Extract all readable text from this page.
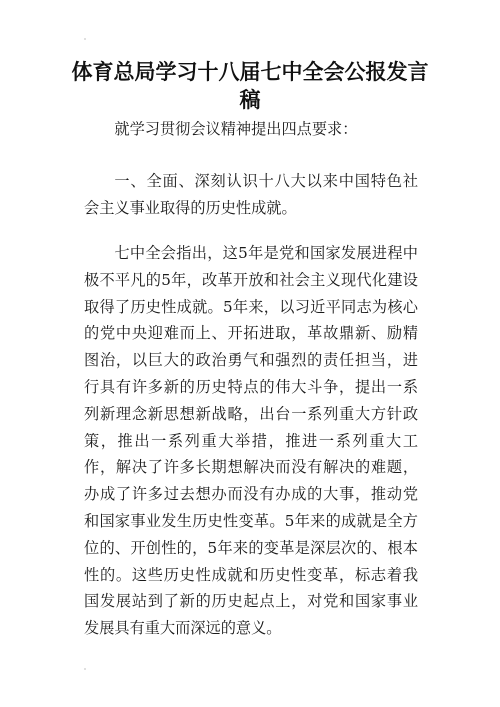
体育总局学习十八届七中全会公报发言稿

就学习贯彻会议精神提出四点要求：

一、全面、深刻认识十八大以来中国特色社会主义事业取得的历史性成就。

七中全会指出，这5年是党和国家发展进程中极不平凡的5年，改革开放和社会主义现代化建设取得了历史性成就。5年来，以习近平同志为核心的党中央迎难而上、开拓进取，革故鼎新、励精图治，以巨大的政治勇气和强烈的责任担当，进行具有许多新的历史特点的伟大斗争，提出一系列新理念新思想新战略，出台一系列重大方针政策，推出一系列重大举措，推进一系列重大工作，解决了许多长期想解决而没有解决的难题，办成了许多过去想办而没有办成的大事，推动党和国家事业发生历史性变革。5年来的成就是全方位的、开创性的，5年来的变革是深层次的、根本性的。这些历史性成就和历史性变革，标志着我国发展站到了新的历史起点上，对党和国家事业发展具有重大而深远的意义。
